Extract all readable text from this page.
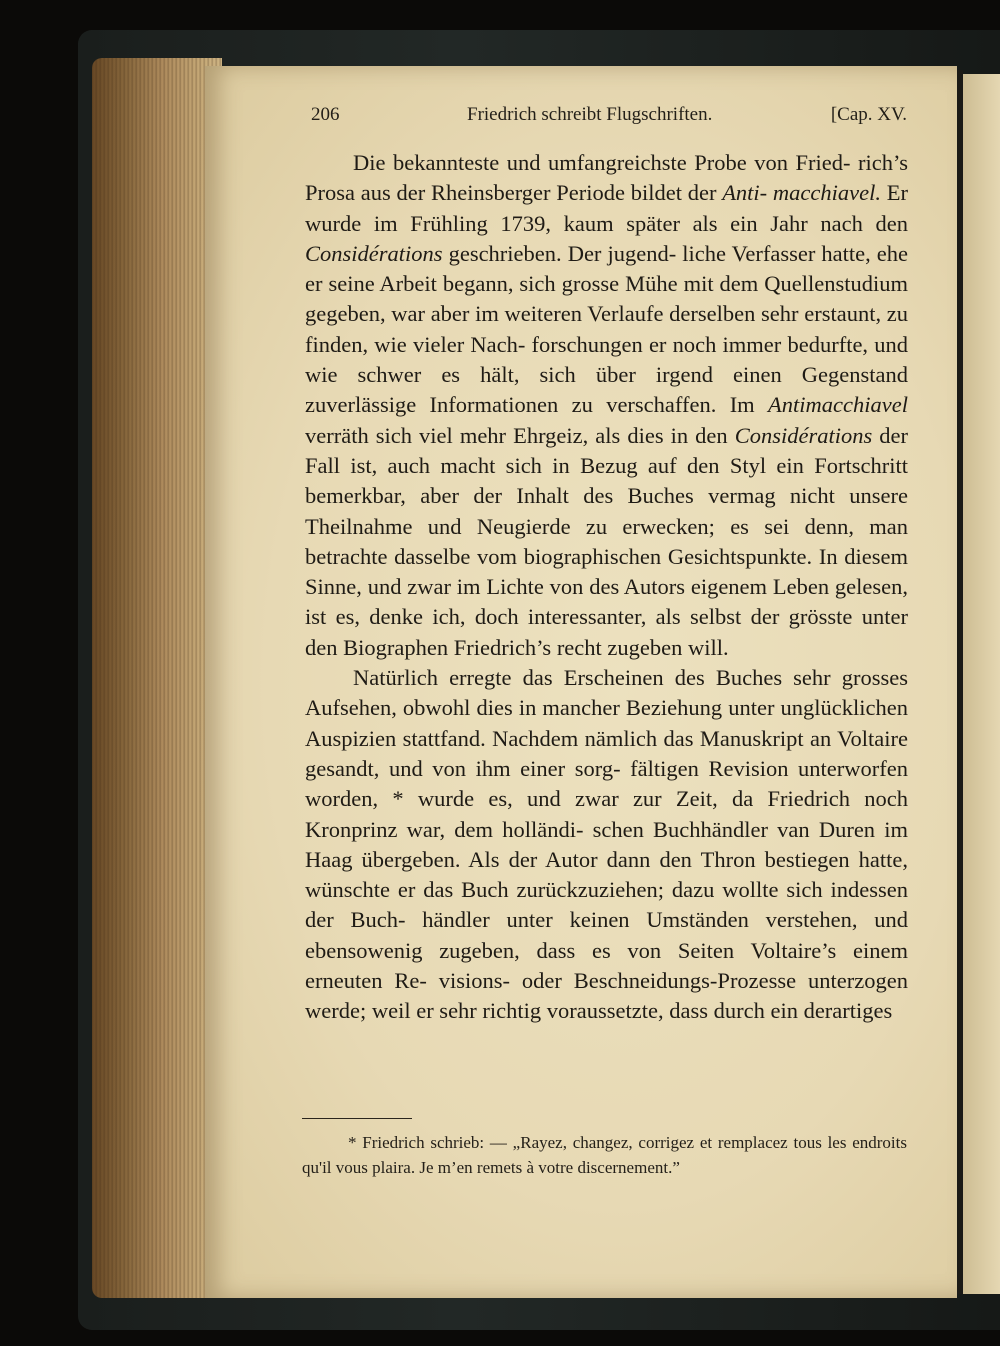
206	Friedrich schreibt Flugschriften.	[Cap. XV.

Die bekannteste und umfangreichste Probe von Fried- rich’s Prosa aus der Rheinsberger Periode bildet der Anti- macchiavel. Er wurde im Frühling 1739, kaum später als ein Jahr nach den Considérations geschrieben. Der jugend- liche Verfasser hatte, ehe er seine Arbeit begann, sich grosse Mühe mit dem Quellenstudium gegeben, war aber im weiteren Verlaufe derselben sehr erstaunt, zu finden, wie vieler Nach- forschungen er noch immer bedurfte, und wie schwer es hält, sich über irgend einen Gegenstand zuverlässige Informationen zu verschaffen. Im Antimacchiavel verräth sich viel mehr Ehrgeiz, als dies in den Considérations der Fall ist, auch macht sich in Bezug auf den Styl ein Fortschritt bemerkbar, aber der Inhalt des Buches vermag nicht unsere Theilnahme und Neugierde zu erwecken; es sei denn, man betrachte dasselbe vom biographischen Gesichtspunkte. In diesem Sinne, und zwar im Lichte von des Autors eigenem Leben gelesen, ist es, denke ich, doch interessanter, als selbst der grösste unter den Biographen Friedrich’s recht zugeben will.

Natürlich erregte das Erscheinen des Buches sehr grosses Aufsehen, obwohl dies in mancher Beziehung unter unglücklichen Auspizien stattfand. Nachdem nämlich das Manuskript an Voltaire gesandt, und von ihm einer sorg- fältigen Revision unterworfen worden, * wurde es, und zwar zur Zeit, da Friedrich noch Kronprinz war, dem holländi- schen Buchhändler van Duren im Haag übergeben. Als der Autor dann den Thron bestiegen hatte, wünschte er das Buch zurückzuziehen; dazu wollte sich indessen der Buch- händler unter keinen Umständen verstehen, und ebensowenig zugeben, dass es von Seiten Voltaire’s einem erneuten Re- visions- oder Beschneidungs-Prozesse unterzogen werde; weil er sehr richtig voraussetzte, dass durch ein derartiges

* Friedrich schrieb: — „Rayez, changez, corrigez et remplacez tous les endroits qu'il vous plaira. Je m’en remets à votre discernement.”
